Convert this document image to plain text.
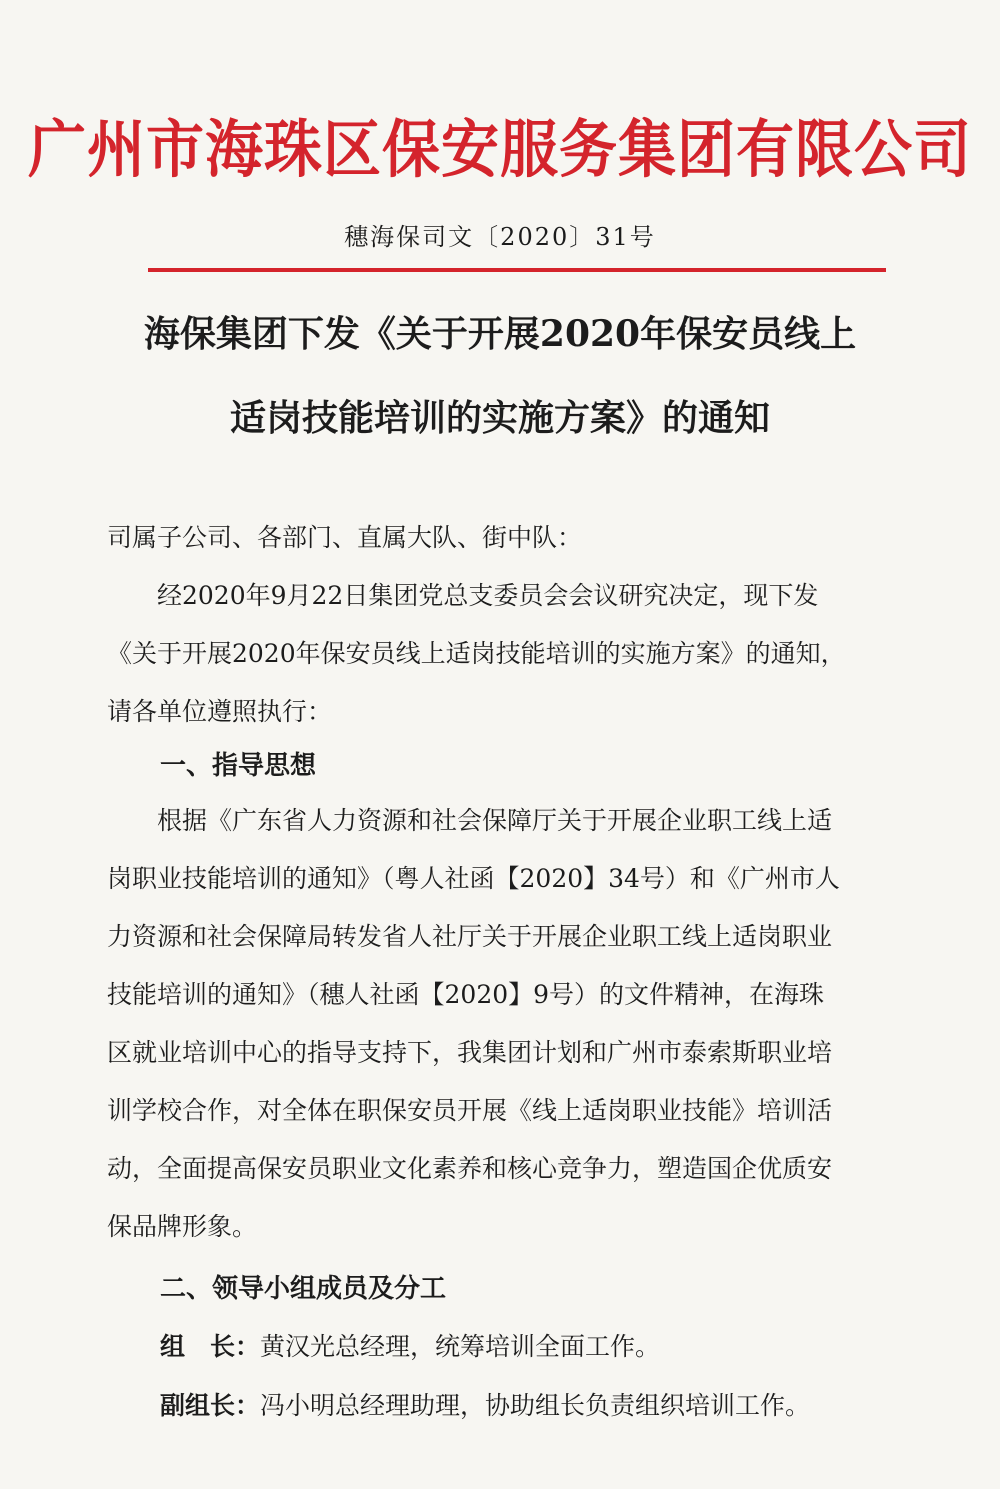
广州市海珠区保安服务集团有限公司
穗海保司文〔2020〕31号
海保集团下发《关于开展2020年保安员线上
适岗技能培训的实施方案》的通知
司属子公司、各部门、直属大队、街中队：
　　经2020年9月22日集团党总支委员会会议研究决定，现下发
《关于开展2020年保安员线上适岗技能培训的实施方案》的通知，
请各单位遵照执行：
一、指导思想
　　根据《广东省人力资源和社会保障厅关于开展企业职工线上适
岗职业技能培训的通知》（粤人社函【2020】34号）和《广州市人
力资源和社会保障局转发省人社厅关于开展企业职工线上适岗职业
技能培训的通知》（穗人社函【2020】9号）的文件精神，在海珠
区就业培训中心的指导支持下，我集团计划和广州市泰索斯职业培
训学校合作，对全体在职保安员开展《线上适岗职业技能》培训活
动，全面提高保安员职业文化素养和核心竞争力，塑造国企优质安
保品牌形象。
二、领导小组成员及分工
组　长：黄汉光总经理，统筹培训全面工作。
副组长：冯小明总经理助理，协助组长负责组织培训工作。
